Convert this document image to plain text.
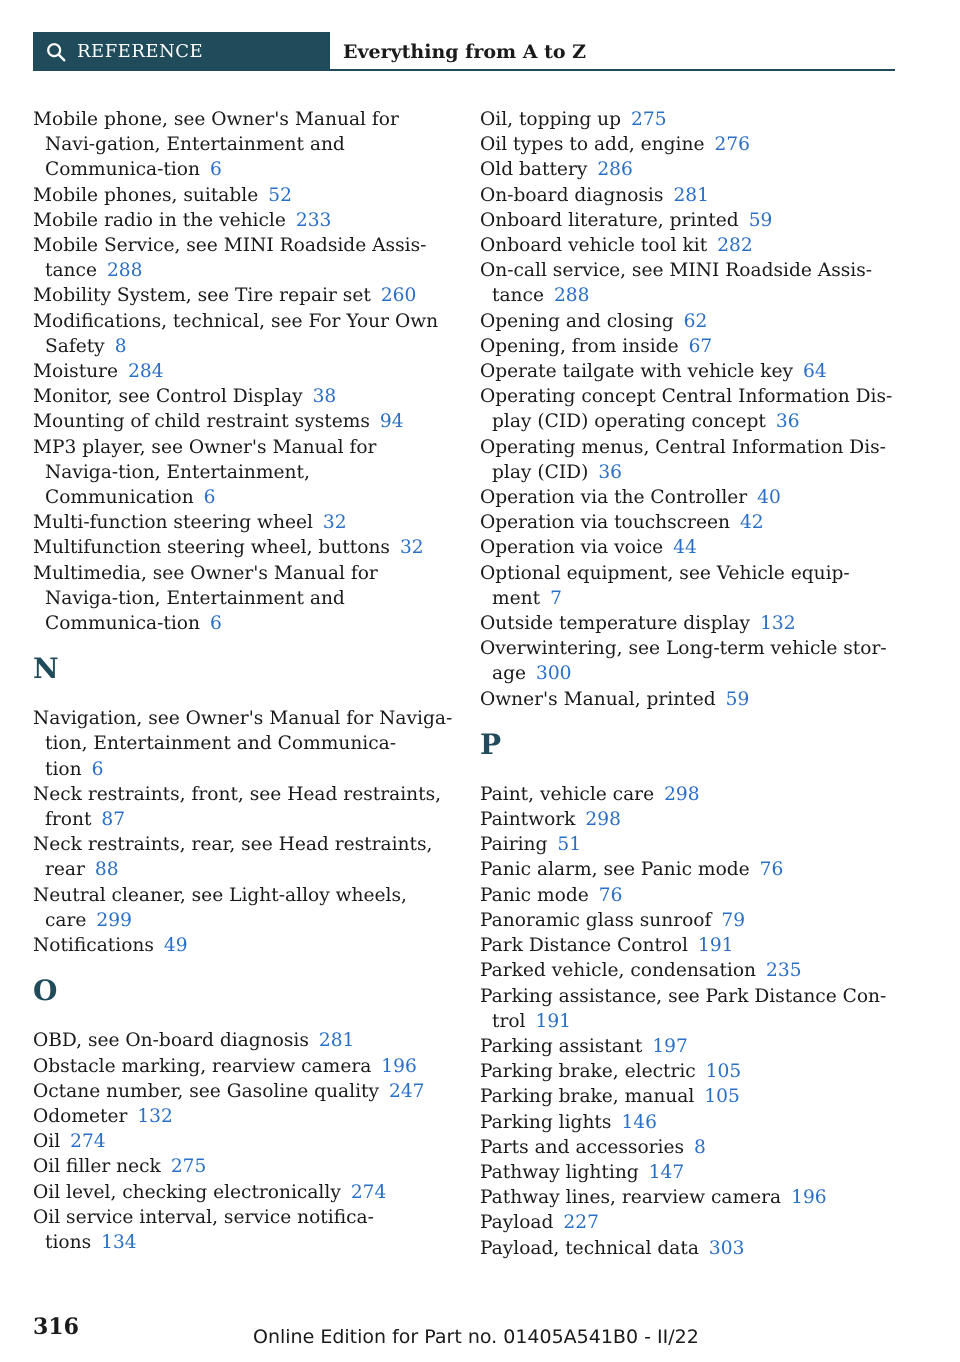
REFERENCE	Everything from A to Z
Mobile phone, see Owner's Manual for Navi-gation, Entertainment and Communica-tion 6
Mobile phones, suitable 52
Mobile radio in the vehicle 233
Mobile Service, see MINI Roadside Assis-tance 288
Mobility System, see Tire repair set 260
Modifications, technical, see For Your Own Safety 8
Moisture 284
Monitor, see Control Display 38
Mounting of child restraint systems 94
MP3 player, see Owner's Manual for Naviga-tion, Entertainment, Communication 6
Multi-function steering wheel 32
Multifunction steering wheel, buttons 32
Multimedia, see Owner's Manual for Naviga-tion, Entertainment and Communica-tion 6
N
Navigation, see Owner's Manual for Naviga-tion, Entertainment and Communica-tion 6
Neck restraints, front, see Head restraints, front 87
Neck restraints, rear, see Head restraints, rear 88
Neutral cleaner, see Light-alloy wheels, care 299
Notifications 49
O
OBD, see On-board diagnosis 281
Obstacle marking, rearview camera 196
Octane number, see Gasoline quality 247
Odometer 132
Oil 274
Oil filler neck 275
Oil level, checking electronically 274
Oil service interval, service notifica-tions 134
Oil, topping up 275
Oil types to add, engine 276
Old battery 286
On-board diagnosis 281
Onboard literature, printed 59
Onboard vehicle tool kit 282
On-call service, see MINI Roadside Assis-tance 288
Opening and closing 62
Opening, from inside 67
Operate tailgate with vehicle key 64
Operating concept Central Information Dis-play (CID) operating concept 36
Operating menus, Central Information Dis-play (CID) 36
Operation via the Controller 40
Operation via touchscreen 42
Operation via voice 44
Optional equipment, see Vehicle equip-ment 7
Outside temperature display 132
Overwintering, see Long-term vehicle stor-age 300
Owner's Manual, printed 59
P
Paint, vehicle care 298
Paintwork 298
Pairing 51
Panic alarm, see Panic mode 76
Panic mode 76
Panoramic glass sunroof 79
Park Distance Control 191
Parked vehicle, condensation 235
Parking assistance, see Park Distance Con-trol 191
Parking assistant 197
Parking brake, electric 105
Parking brake, manual 105
Parking lights 146
Parts and accessories 8
Pathway lighting 147
Pathway lines, rearview camera 196
Payload 227
Payload, technical data 303
316	Online Edition for Part no. 01405A541B0 - II/22
